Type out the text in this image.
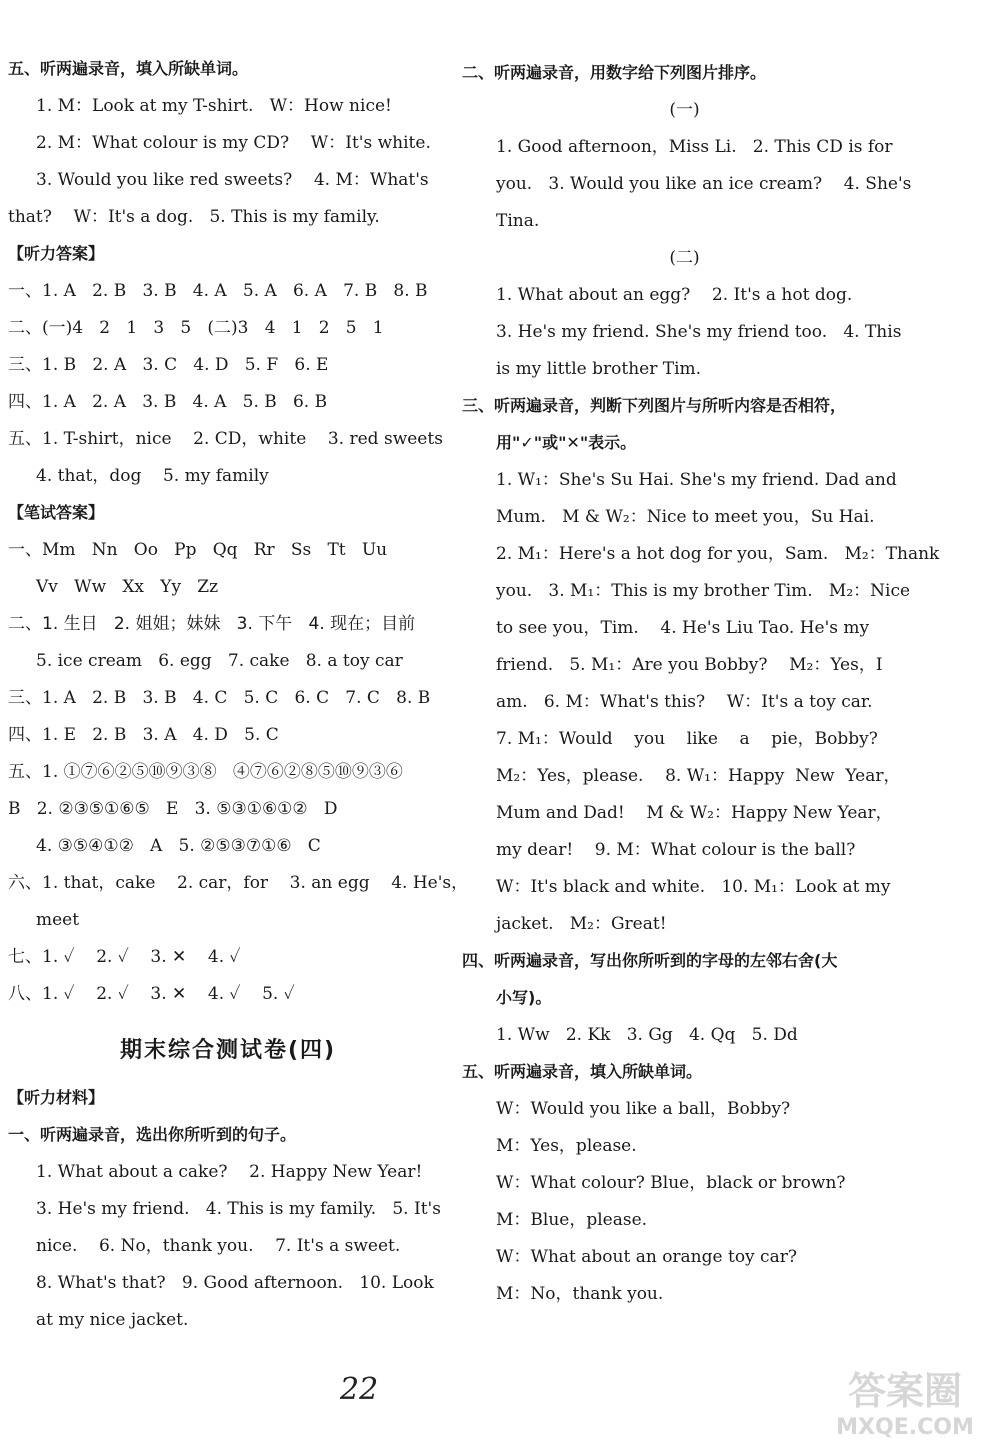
五、听两遍录音，填入所缺单词。
1. M：Look at my T-shirt.   W：How nice!
2. M：What colour is my CD?    W：It's white.
3. Would you like red sweets?    4. M：What's
that?    W：It's a dog.   5. This is my family.
【听力答案】
一、1. A   2. B   3. B   4. A   5. A   6. A   7. B   8. B
二、(一)4   2   1   3   5   (二)3   4   1   2   5   1
三、1. B   2. A   3. C   4. D   5. F   6. E
四、1. A   2. A   3. B   4. A   5. B   6. B
五、1. T-shirt，nice    2. CD，white    3. red sweets
4. that，dog    5. my family
【笔试答案】
一、Mm   Nn   Oo   Pp   Qq   Rr   Ss   Tt   Uu
Vv   Ww   Xx   Yy   Zz
二、1. 生日   2. 姐姐；妹妹   3. 下午   4. 现在；目前
5. ice cream   6. egg   7. cake   8. a toy car
三、1. A   2. B   3. B   4. C   5. C   6. C   7. C   8. B
四、1. E   2. B   3. A   4. D   5. C
五、1. ①⑦⑥②⑤⑩⑨③⑧   ④⑦⑥②⑧⑤⑩⑨③⑥
B   2. ②③⑤①⑥⑤   E   3. ⑤③①⑥①②   D
4. ③⑤④①②   A   5. ②⑤③⑦①⑥   C
六、1. that，cake    2. car，for    3. an egg    4. He's，
meet
七、1. ✓    2. ✓    3. ✕    4. ✓
八、1. ✓    2. ✓    3. ✕    4. ✓    5. ✓
期末综合测试卷(四)
【听力材料】
一、听两遍录音，选出你所听到的句子。
1. What about a cake?    2. Happy New Year!
3. He's my friend.   4. This is my family.   5. It's
nice.    6. No，thank you.    7. It's a sweet.
8. What's that?   9. Good afternoon.   10. Look
at my nice jacket.
二、听两遍录音，用数字给下列图片排序。
(一)
1. Good afternoon，Miss Li.   2. This CD is for
you.   3. Would you like an ice cream?    4. She's
Tina.
(二)
1. What about an egg?    2. It's a hot dog.
3. He's my friend. She's my friend too.   4. This
is my little brother Tim.
三、听两遍录音，判断下列图片与所听内容是否相符，
用"✓"或"✕"表示。
1. W₁：She's Su Hai. She's my friend. Dad and
Mum.   M & W₂：Nice to meet you，Su Hai.
2. M₁：Here's a hot dog for you，Sam.   M₂：Thank
you.   3. M₁：This is my brother Tim.   M₂：Nice
to see you，Tim.    4. He's Liu Tao. He's my
friend.   5. M₁：Are you Bobby?    M₂：Yes，I
am.   6. M：What's this?    W：It's a toy car.
7. M₁：Would    you    like    a    pie，Bobby?
M₂：Yes，please.    8. W₁：Happy  New  Year，
Mum and Dad!    M & W₂：Happy New Year，
my dear!    9. M：What colour is the ball?
W：It's black and white.   10. M₁：Look at my
jacket.   M₂：Great!
四、听两遍录音，写出你所听到的字母的左邻右舍(大
小写)。
1. Ww   2. Kk   3. Gg   4. Qq   5. Dd
五、听两遍录音，填入所缺单词。
W：Would you like a ball，Bobby?
M：Yes，please.
W：What colour? Blue，black or brown?
M：Blue，please.
W：What about an orange toy car?
M：No，thank you.
22	答案圈
MXQE.COM
